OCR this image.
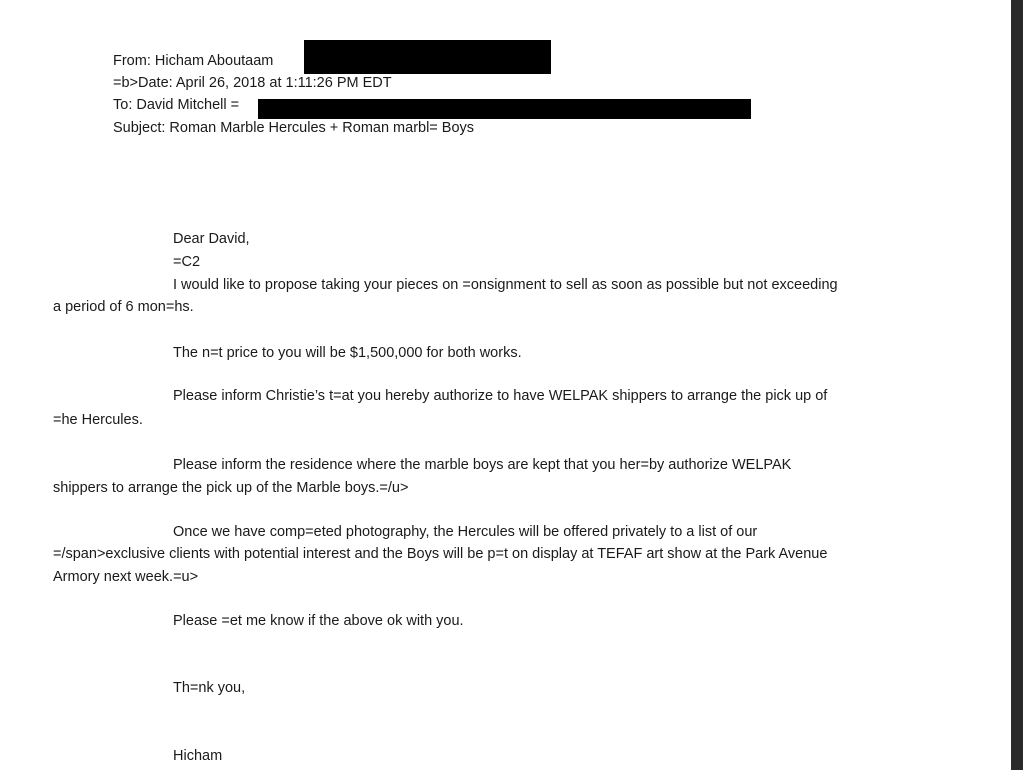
From: Hicham Aboutaam
=b>Date: April 26, 2018 at 1:11:26 PM EDT
To: David Mitchell =
Subject: Roman Marble Hercules + Roman marbl= Boys
Dear David,
=C2
I would like to propose taking your pieces on =onsignment to sell as soon as possible but not exceeding
a period of 6 mon=hs.
The n=t price to you will be $1,500,000 for both works.
Please inform Christie’s t=at you hereby authorize to have WELPAK shippers to arrange the pick up of
=he Hercules.
Please inform the residence where the marble boys are kept that you her=by authorize WELPAK
shippers to arrange the pick up of the Marble boys.=/u>
Once we have comp=eted photography, the Hercules will be offered privately to a list of our
=/span>exclusive clients with potential interest and the Boys will be p=t on display at TEFAF art show at the Park Avenue
Armory next week.=u>
Please =et me know if the above ok with you.
Th=nk you,
Hicham
